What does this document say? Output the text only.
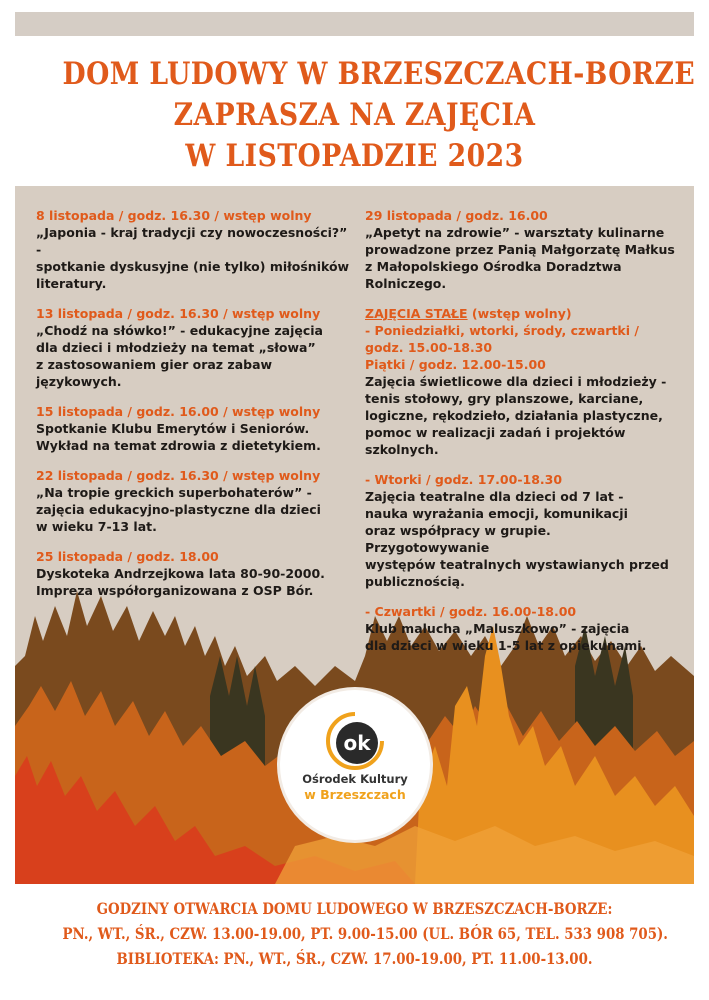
DOM LUDOWY W BRZESZCZACH-BORZE
ZAPRASZA NA ZAJĘCIA
W LISTOPADZIE 2023
8 listopada / godz. 16.30 / wstęp wolny
„Japonia - kraj tradycji czy nowoczesności?” -
spotkanie dyskusyjne (nie tylko) miłośników
literatury.
13 listopada / godz. 16.30 / wstęp wolny
„Chodź na słówko!” - edukacyjne zajęcia
dla dzieci i młodzieży na temat „słowa”
z zastosowaniem gier oraz zabaw językowych.
15 listopada / godz. 16.00 / wstęp wolny
Spotkanie Klubu Emerytów i Seniorów.
Wykład na temat zdrowia z dietetykiem.
22 listopada / godz. 16.30 / wstęp wolny
„Na tropie greckich superbohaterów” -
zajęcia edukacyjno-plastyczne dla dzieci
w wieku 7-13 lat.
25 listopada / godz. 18.00
Dyskoteka Andrzejkowa lata 80-90-2000.
Impreza współorganizowana z OSP Bór.
29 listopada / godz. 16.00
„Apetyt na zdrowie” - warsztaty kulinarne
prowadzone przez Panią Małgorzatę Małkus
z Małopolskiego Ośrodka Doradztwa
Rolniczego.
ZAJĘCIA STAŁE (wstęp wolny)
- Poniedziałki, wtorki, środy, czwartki /
godz. 15.00-18.30
Piątki / godz. 12.00-15.00
Zajęcia świetlicowe dla dzieci i młodzieży -
tenis stołowy, gry planszowe, karciane,
logiczne, rękodzieło, działania plastyczne,
pomoc w realizacji zadań i projektów
szkolnych.
- Wtorki / godz. 17.00-18.30
Zajęcia teatralne dla dzieci od 7 lat -
nauka wyrażania emocji, komunikacji
oraz współpracy w grupie. Przygotowywanie
występów teatralnych wystawianych przed
publicznością.
- Czwartki / godz. 16.00-18.00
Klub malucha „Maluszkowo” - zajęcia
dla dzieci w wieku 1-5 lat z opiekunami.
ok
Ośrodek Kultury
w Brzeszczach
GODZINY OTWARCIA DOMU LUDOWEGO W BRZESZCZACH-BORZE:
PN., WT., ŚR., CZW. 13.00-19.00, PT. 9.00-15.00 (UL. BÓR 65, TEL. 533 908 705).
BIBLIOTEKA: PN., WT., ŚR., CZW. 17.00-19.00, PT. 11.00-13.00.
